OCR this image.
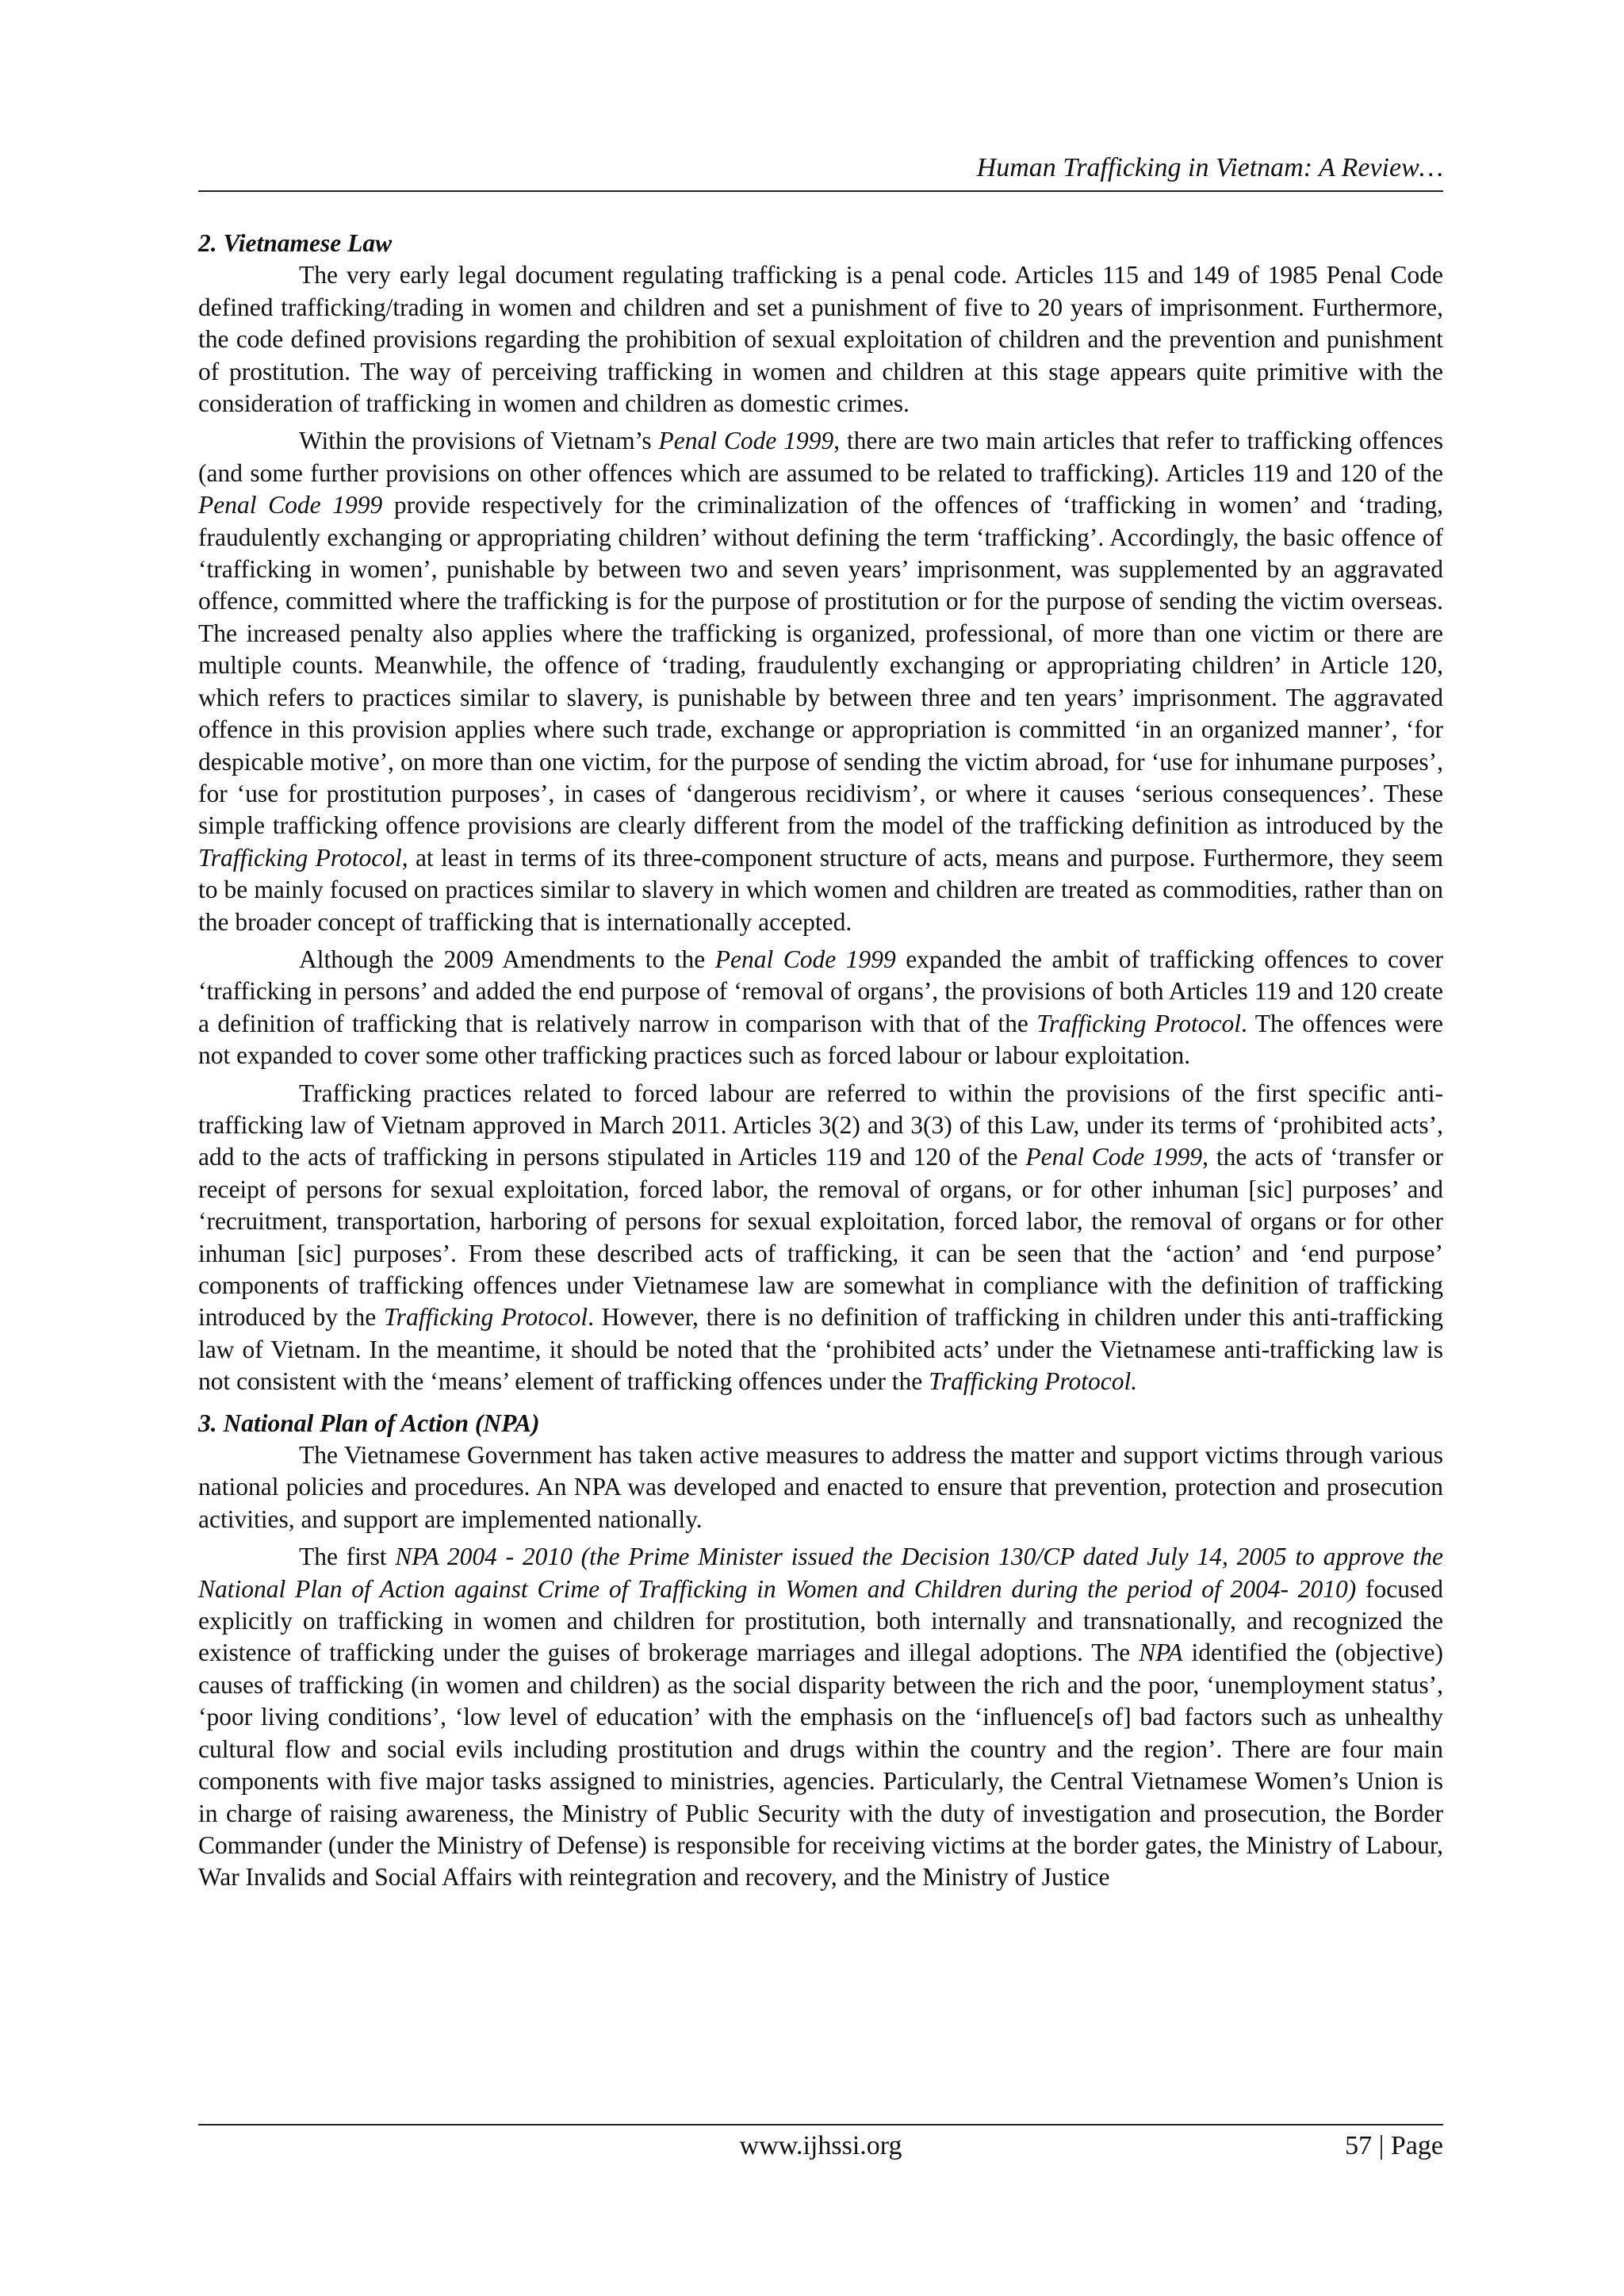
Human Trafficking in Vietnam: A Review…
2. Vietnamese Law

The very early legal document regulating trafficking is a penal code. Articles 115 and 149 of 1985 Penal Code defined trafficking/trading in women and children and set a punishment of five to 20 years of imprisonment. Furthermore, the code defined provisions regarding the prohibition of sexual exploitation of children and the prevention and punishment of prostitution. The way of perceiving trafficking in women and children at this stage appears quite primitive with the consideration of trafficking in women and children as domestic crimes.

Within the provisions of Vietnam’s Penal Code 1999, there are two main articles that refer to trafficking offences (and some further provisions on other offences which are assumed to be related to trafficking). Articles 119 and 120 of the Penal Code 1999 provide respectively for the criminalization of the offences of ‘trafficking in women’ and ‘trading, fraudulently exchanging or appropriating children’ without defining the term ‘trafficking’. Accordingly, the basic offence of ‘trafficking in women’, punishable by between two and seven years’ imprisonment, was supplemented by an aggravated offence, committed where the trafficking is for the purpose of prostitution or for the purpose of sending the victim overseas. The increased penalty also applies where the trafficking is organized, professional, of more than one victim or there are multiple counts. Meanwhile, the offence of ‘trading, fraudulently exchanging or appropriating children’ in Article 120, which refers to practices similar to slavery, is punishable by between three and ten years’ imprisonment. The aggravated offence in this provision applies where such trade, exchange or appropriation is committed ‘in an organized manner’, ‘for despicable motive’, on more than one victim, for the purpose of sending the victim abroad, for ‘use for inhumane purposes’, for ‘use for prostitution purposes’, in cases of ‘dangerous recidivism’, or where it causes ‘serious consequences’. These simple trafficking offence provisions are clearly different from the model of the trafficking definition as introduced by the Trafficking Protocol, at least in terms of its three-component structure of acts, means and purpose. Furthermore, they seem to be mainly focused on practices similar to slavery in which women and children are treated as commodities, rather than on the broader concept of trafficking that is internationally accepted.

Although the 2009 Amendments to the Penal Code 1999 expanded the ambit of trafficking offences to cover ‘trafficking in persons’ and added the end purpose of ‘removal of organs’, the provisions of both Articles 119 and 120 create a definition of trafficking that is relatively narrow in comparison with that of the Trafficking Protocol. The offences were not expanded to cover some other trafficking practices such as forced labour or labour exploitation.

Trafficking practices related to forced labour are referred to within the provisions of the first specific anti-trafficking law of Vietnam approved in March 2011. Articles 3(2) and 3(3) of this Law, under its terms of ‘prohibited acts’, add to the acts of trafficking in persons stipulated in Articles 119 and 120 of the Penal Code 1999, the acts of ‘transfer or receipt of persons for sexual exploitation, forced labor, the removal of organs, or for other inhuman [sic] purposes’ and ‘recruitment, transportation, harboring of persons for sexual exploitation, forced labor, the removal of organs or for other inhuman [sic] purposes’. From these described acts of trafficking, it can be seen that the ‘action’ and ‘end purpose’ components of trafficking offences under Vietnamese law are somewhat in compliance with the definition of trafficking introduced by the Trafficking Protocol. However, there is no definition of trafficking in children under this anti-trafficking law of Vietnam. In the meantime, it should be noted that the ‘prohibited acts’ under the Vietnamese anti-trafficking law is not consistent with the ‘means’ element of trafficking offences under the Trafficking Protocol.

3. National Plan of Action (NPA)

The Vietnamese Government has taken active measures to address the matter and support victims through various national policies and procedures. An NPA was developed and enacted to ensure that prevention, protection and prosecution activities, and support are implemented nationally.

The first NPA 2004 - 2010 (the Prime Minister issued the Decision 130/CP dated July 14, 2005 to approve the National Plan of Action against Crime of Trafficking in Women and Children during the period of 2004- 2010) focused explicitly on trafficking in women and children for prostitution, both internally and transnationally, and recognized the existence of trafficking under the guises of brokerage marriages and illegal adoptions. The NPA identified the (objective) causes of trafficking (in women and children) as the social disparity between the rich and the poor, ‘unemployment status’, ‘poor living conditions’, ‘low level of education’ with the emphasis on the ‘influence[s of] bad factors such as unhealthy cultural flow and social evils including prostitution and drugs within the country and the region’. There are four main components with five major tasks assigned to ministries, agencies. Particularly, the Central Vietnamese Women’s Union is in charge of raising awareness, the Ministry of Public Security with the duty of investigation and prosecution, the Border Commander (under the Ministry of Defense) is responsible for receiving victims at the border gates, the Ministry of Labour, War Invalids and Social Affairs with reintegration and recovery, and the Ministry of Justice

www.ijhssi.org	57 | Page
